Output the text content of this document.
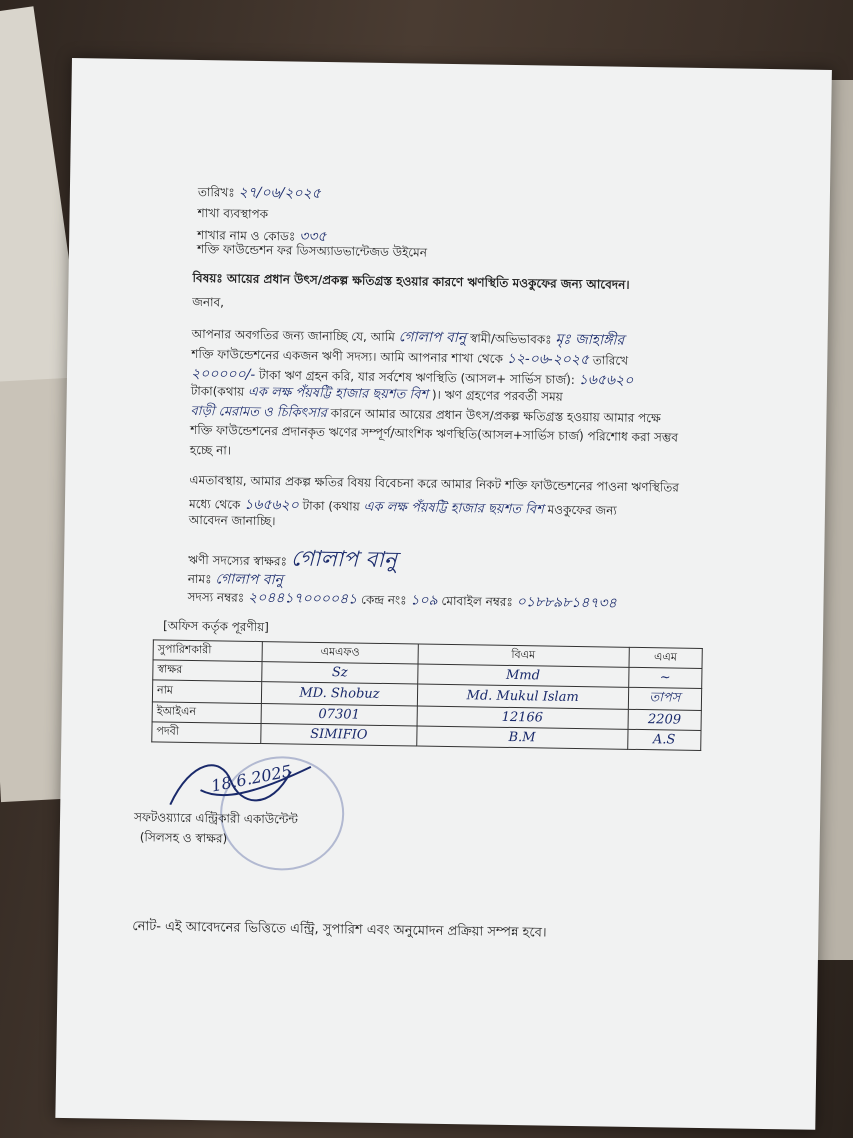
তারিখঃ ২৭/০৬/২০২৫
শাখা ব্যবস্থাপক
শাখার নাম ও কোডঃ ৩৩৫
শক্তি ফাউন্ডেশন ফর ডিসঅ্যাডভান্টেজড উইমেন
বিষয়ঃ আয়ের প্রধান উৎস/প্রকল্প ক্ষতিগ্রস্ত হওয়ার কারণে ঋণস্থিতি মওকুফের জন্য আবেদন।
জনাব,
আপনার অবগতির জন্য জানাচ্ছি যে, আমি গোলাপ বানু স্বামী/অভিভাবকঃ মৃঃ জাহাঙ্গীর
শক্তি ফাউন্ডেশনের একজন ঋণী সদস্য। আমি আপনার শাখা থেকে ১২-০৬-২০২৫ তারিখে
২০০০০০/- টাকা ঋণ গ্রহন করি, যার সর্বশেষ ঋণস্থিতি (আসল+ সার্ভিস চার্জ): ১৬৫৬২০
টাকা(কথায় এক লক্ষ পঁয়ষট্টি হাজার ছয়শত বিশ )। ঋণ গ্রহণের পরবর্তী সময়
বাড়ী মেরামত ও চিকিৎসার কারনে আমার আয়ের প্রধান উৎস/প্রকল্প ক্ষতিগ্রস্ত হওয়ায় আমার পক্ষে
শক্তি ফাউন্ডেশনের প্রদানকৃত ঋণের সম্পূর্ণ/আংশিক ঋণস্থিতি(আসল+সার্ভিস চার্জ) পরিশোধ করা সম্ভব
হচ্ছে না।
এমতাবস্থায়, আমার প্রকল্প ক্ষতির বিষয় বিবেচনা করে আমার নিকট শক্তি ফাউন্ডেশনের পাওনা ঋণস্থিতির
মধ্যে থেকে ১৬৫৬২০ টাকা (কথায় এক লক্ষ পঁয়ষট্টি হাজার ছয়শত বিশ মওকুফের জন্য
আবেদন জানাচ্ছি।
ঋণী সদস্যের স্বাক্ষরঃ গোলাপ বানু
নামঃ গোলাপ বানু
সদস্য নম্বরঃ ২০৪৪১৭০০০০৪১ কেন্দ্র নংঃ ১০৯ মোবাইল নম্বরঃ ০১৮৮৯৮১৪৭৩৪
[অফিস কর্তৃক পূরণীয়]
সুপারিশকারী	এমএফও	বিএম	এএম
স্বাক্ষর	Sz	Mmd	~
নাম	MD. Shobuz	Md. Mukul Islam	তাপস
ইআইএন	07301	12166	2209
পদবী	SIMIFIO	B.M	A.S
18.6.2025
সফটওয়্যারে এন্ট্রিকারী একাউন্টেন্ট
(সিলসহ ও স্বাক্ষর)
নোট- এই আবেদনের ভিত্তিতে এন্ট্রি, সুপারিশ এবং অনুমোদন প্রক্রিয়া সম্পন্ন হবে।
